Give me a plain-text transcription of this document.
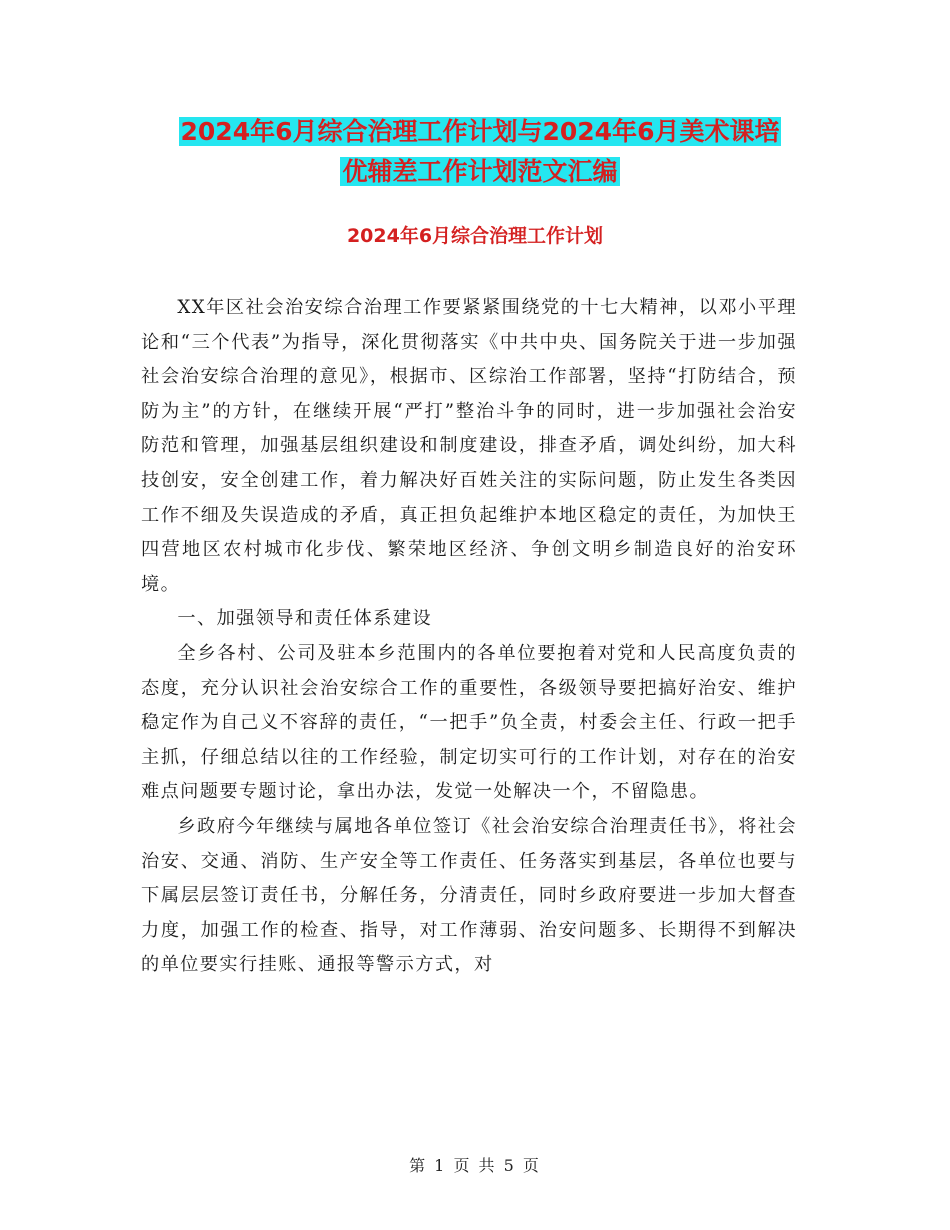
2024年6月综合治理工作计划与2024年6月美术课培
优辅差工作计划范文汇编
2024年6月综合治理工作计划

XX年区社会治安综合治理工作要紧紧围绕党的十七大精神，以邓小平理论和“三个代表”为指导，深化贯彻落实《中共中央、国务院关于进一步加强社会治安综合治理的意见》，根据市、区综治工作部署，坚持“打防结合，预防为主”的方针，在继续开展“严打”整治斗争的同时，进一步加强社会治安防范和管理，加强基层组织建设和制度建设，排查矛盾，调处纠纷，加大科技创安，安全创建工作，着力解决好百姓关注的实际问题，防止发生各类因工作不细及失误造成的矛盾，真正担负起维护本地区稳定的责任，为加快王四营地区农村城市化步伐、繁荣地区经济、争创文明乡制造良好的治安环境。

一、加强领导和责任体系建设

全乡各村、公司及驻本乡范围内的各单位要抱着对党和人民高度负责的态度，充分认识社会治安综合工作的重要性，各级领导要把搞好治安、维护稳定作为自己义不容辞的责任，“一把手”负全责，村委会主任、行政一把手主抓，仔细总结以往的工作经验，制定切实可行的工作计划，对存在的治安难点问题要专题讨论，拿出办法，发觉一处解决一个，不留隐患。

乡政府今年继续与属地各单位签订《社会治安综合治理责任书》，将社会治安、交通、消防、生产安全等工作责任、任务落实到基层，各单位也要与下属层层签订责任书，分解任务，分清责任，同时乡政府要进一步加大督查力度，加强工作的检查、指导，对工作薄弱、治安问题多、长期得不到解决的单位要实行挂账、通报等警示方式，对

第 1 页 共 5 页
